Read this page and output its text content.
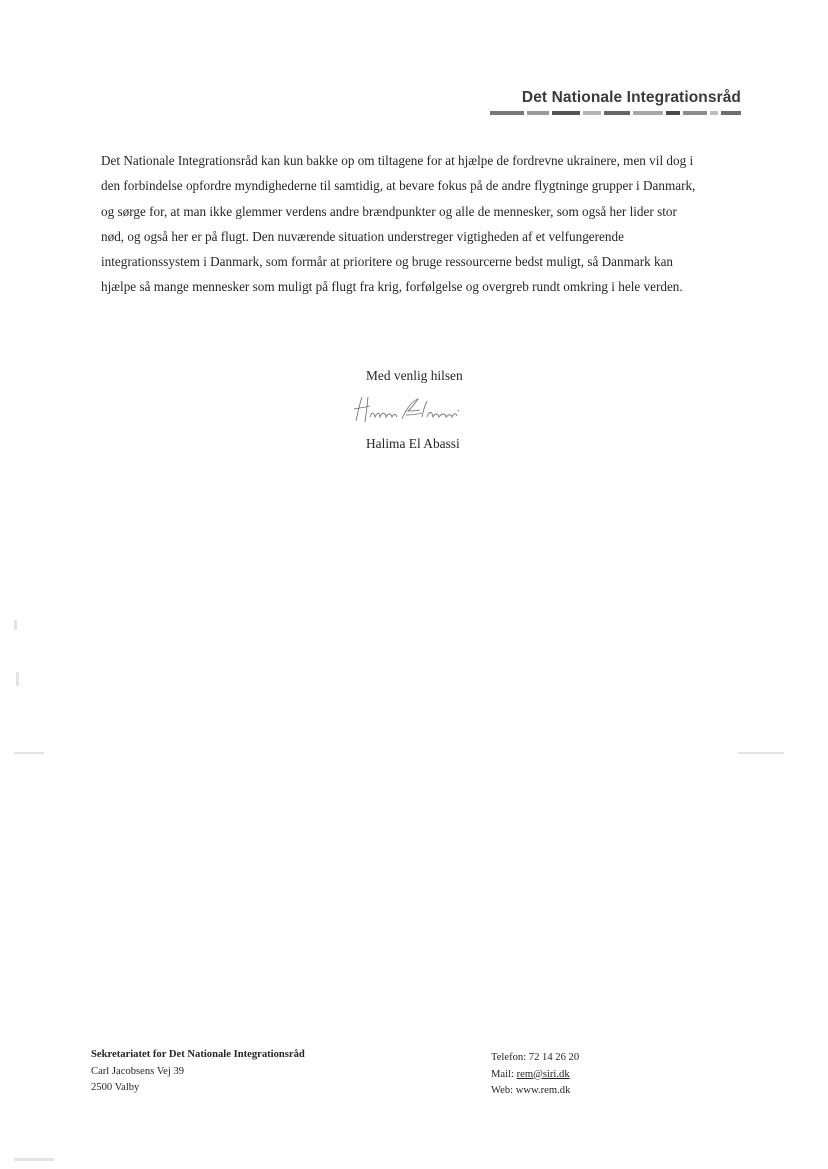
Det Nationale Integrationsråd
Det Nationale Integrationsråd kan kun bakke op om tiltagene for at hjælpe de fordrevne ukrainere, men vil dog i
den forbindelse opfordre myndighederne til samtidig, at bevare fokus på de andre flygtninge grupper i Danmark,
og sørge for, at man ikke glemmer verdens andre brændpunkter og alle de mennesker, som også her lider stor
nød, og også her er på flugt. Den nuværende situation understreger vigtigheden af et velfungerende
integrationssystem i Danmark, som formår at prioritere og bruge ressourcerne bedst muligt, så Danmark kan
hjælpe så mange mennesker som muligt på flugt fra krig, forfølgelse og overgreb rundt omkring i hele verden.
Med venlig hilsen
Halima El Abassi
Sekretariatet for Det Nationale Integrationsråd
Carl Jacobsens Vej 39
2500 Valby
Telefon: 72 14 26 20
Mail: rem@siri.dk
Web: www.rem.dk
